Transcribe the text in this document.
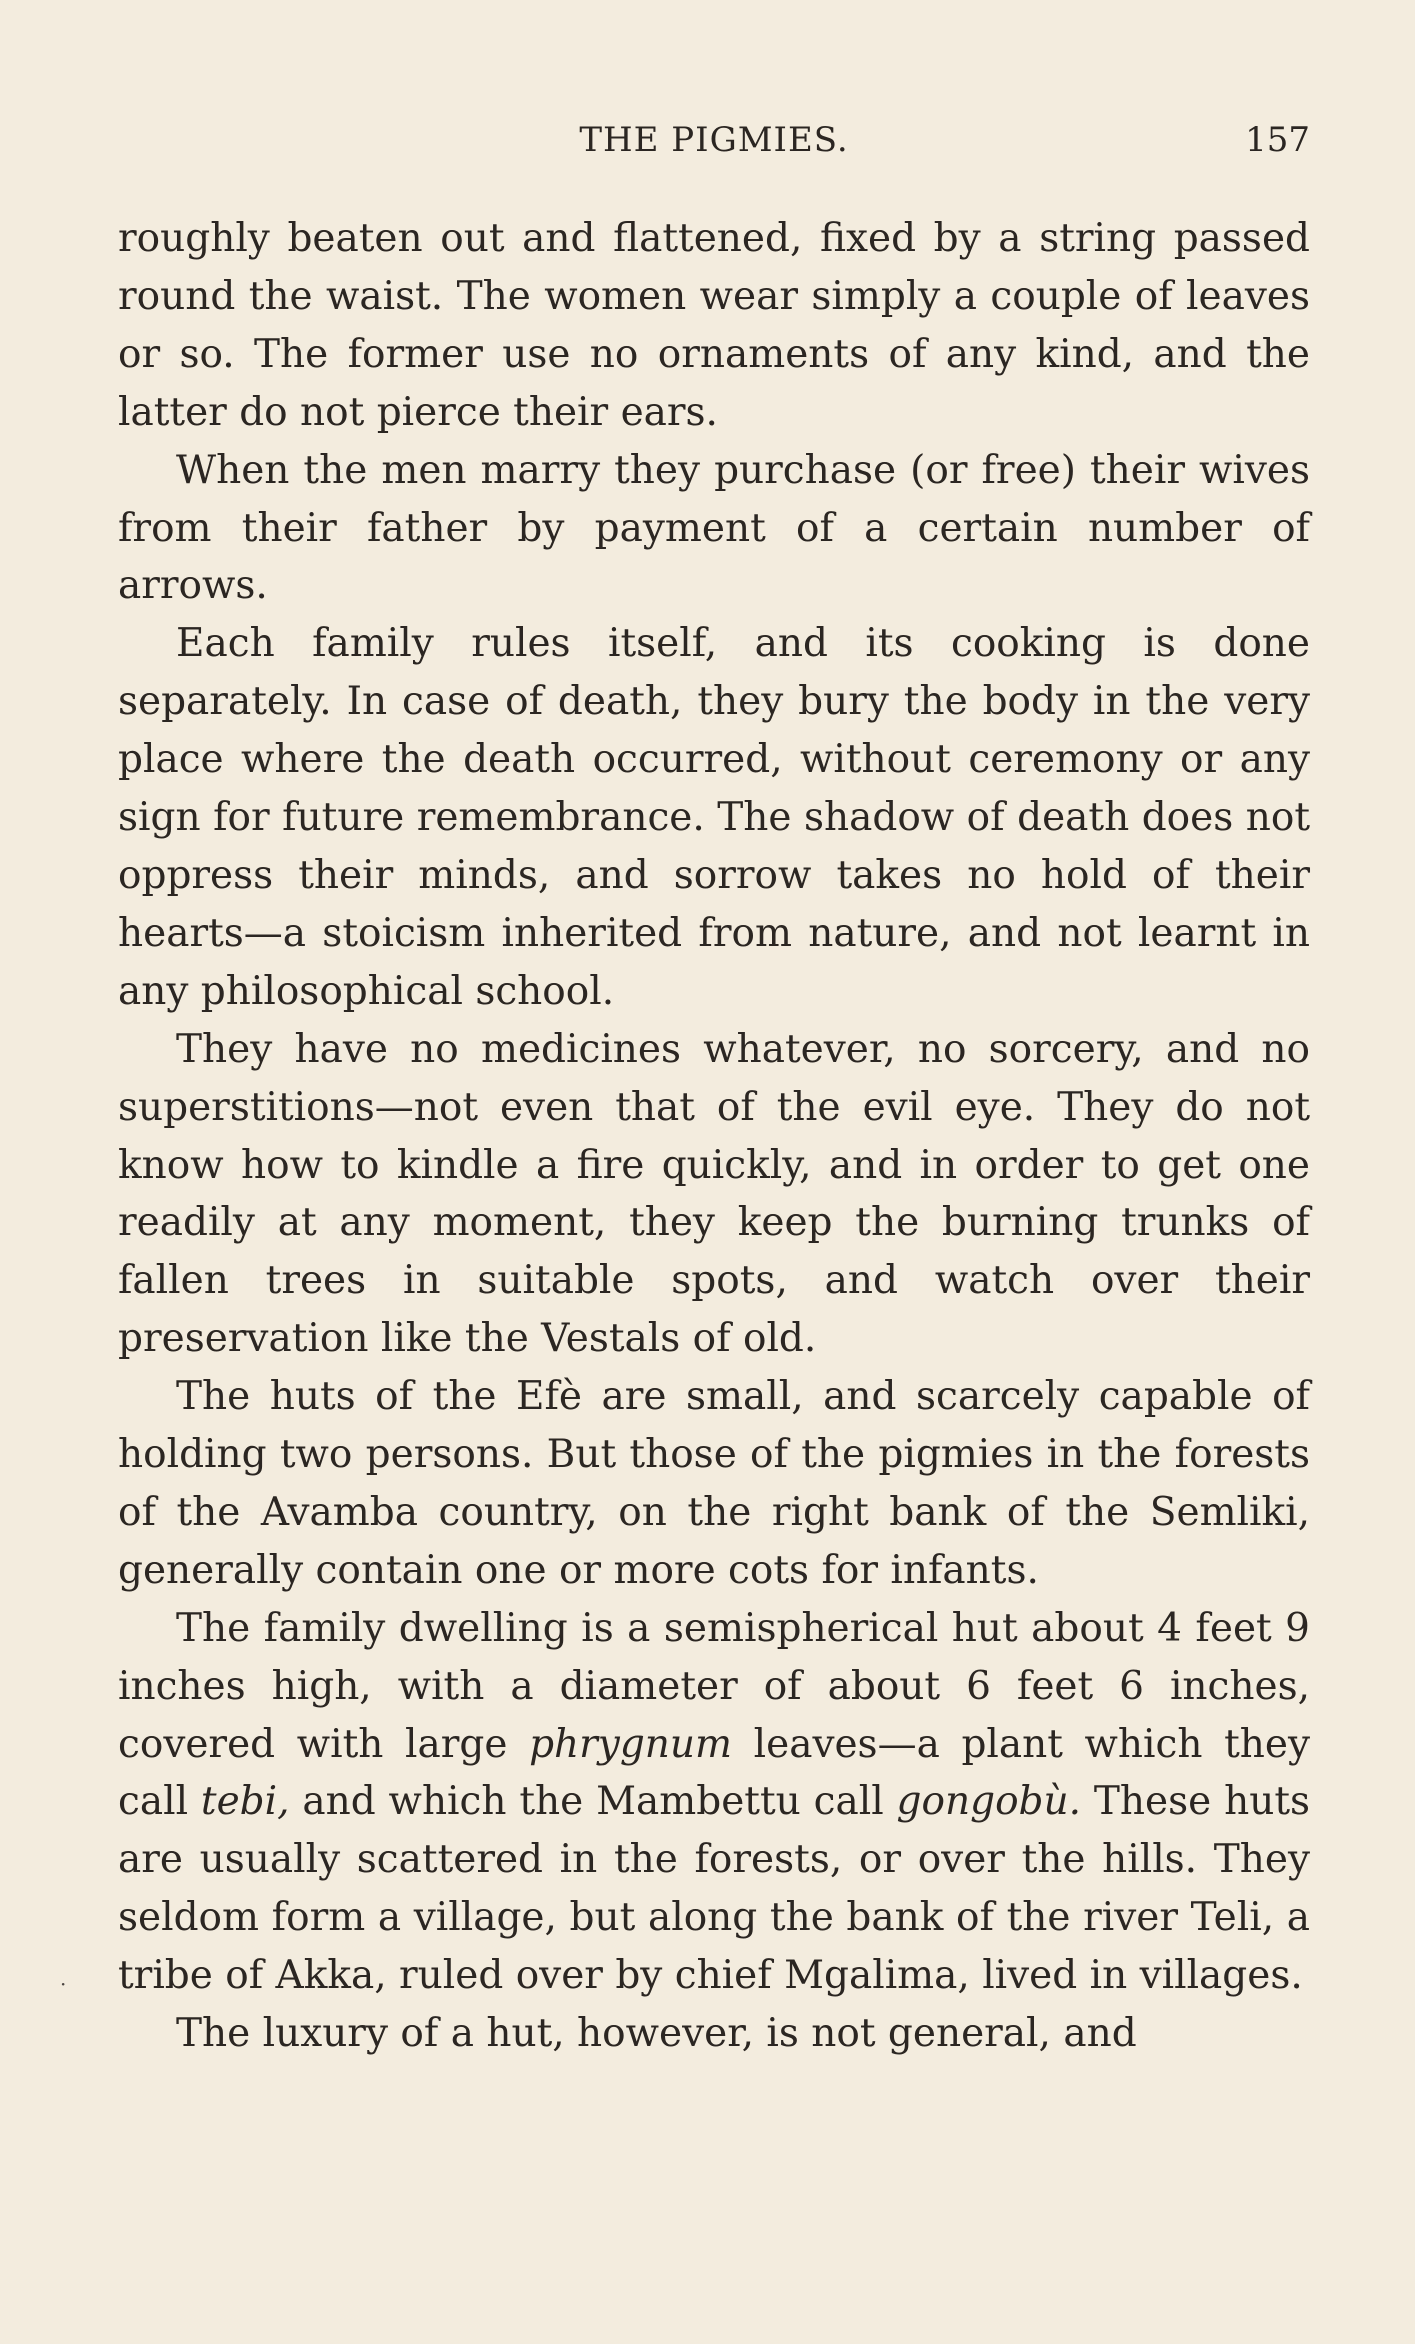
THE PIGMIES.	157
·

roughly beaten out and flattened, fixed by a string passed round the waist. The women wear simply a couple of leaves or so. The former use no ornaments of any kind, and the latter do not pierce their ears.

When the men marry they purchase (or free) their wives from their father by payment of a certain number of arrows.

Each family rules itself, and its cooking is done separately. In case of death, they bury the body in the very place where the death occurred, without ceremony or any sign for future remembrance. The shadow of death does not oppress their minds, and sorrow takes no hold of their hearts—a stoicism inherited from nature, and not learnt in any philosophical school.

They have no medicines whatever, no sorcery, and no superstitions—not even that of the evil eye. They do not know how to kindle a fire quickly, and in order to get one readily at any moment, they keep the burning trunks of fallen trees in suitable spots, and watch over their preservation like the Vestals of old.

The huts of the Efè are small, and scarcely capable of holding two persons. But those of the pigmies in the forests of the Avamba country, on the right bank of the Semliki, generally contain one or more cots for infants.

The family dwelling is a semispherical hut about 4 feet 9 inches high, with a diameter of about 6 feet 6 inches, covered with large phrygnum leaves—a plant which they call tebi, and which the Mambettu call gongobù. These huts are usually scattered in the forests, or over the hills. They seldom form a village, but along the bank of the river Teli, a tribe of Akka, ruled over by chief Mgalima, lived in villages.

The luxury of a hut, however, is not general, and
